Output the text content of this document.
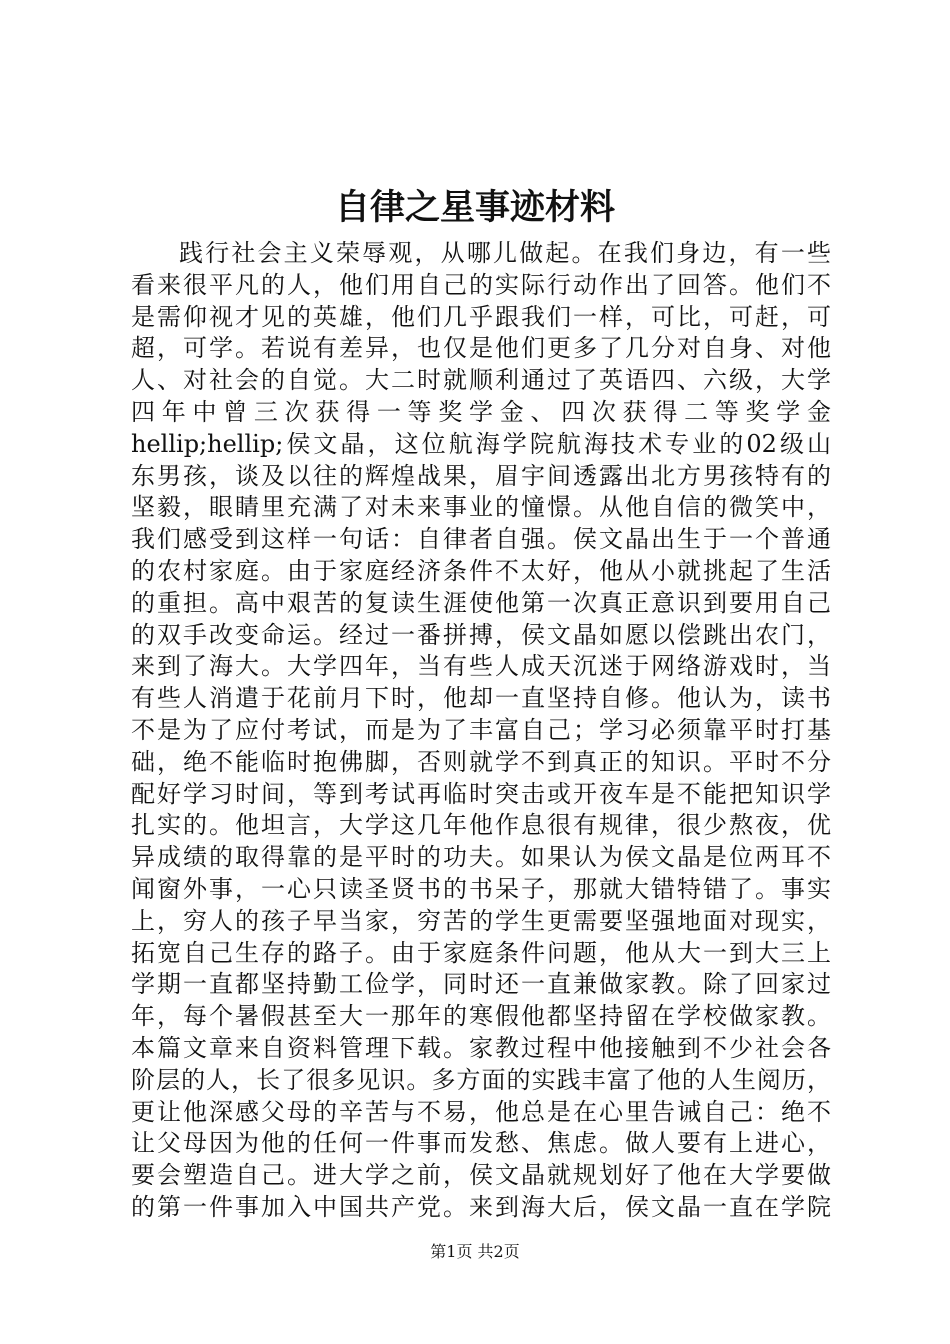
自律之星事迹材料
践行社会主义荣辱观，从哪儿做起。在我们身边，有一些
看来很平凡的人，他们用自己的实际行动作出了回答。他们不
是需仰视才见的英雄，他们几乎跟我们一样，可比，可赶，可
超，可学。若说有差异，也仅是他们更多了几分对自身、对他
人、对社会的自觉。大二时就顺利通过了英语四、六级，大学
四年中曾三次获得一等奖学金、四次获得二等奖学金
hellip;hellip;侯文晶，这位航海学院航海技术专业的02级山
东男孩，谈及以往的辉煌战果，眉宇间透露出北方男孩特有的
坚毅，眼睛里充满了对未来事业的憧憬。从他自信的微笑中，
我们感受到这样一句话：自律者自强。侯文晶出生于一个普通
的农村家庭。由于家庭经济条件不太好，他从小就挑起了生活
的重担。高中艰苦的复读生涯使他第一次真正意识到要用自己
的双手改变命运。经过一番拼搏，侯文晶如愿以偿跳出农门，
来到了海大。大学四年，当有些人成天沉迷于网络游戏时，当
有些人消遣于花前月下时，他却一直坚持自修。他认为，读书
不是为了应付考试，而是为了丰富自己；学习必须靠平时打基
础，绝不能临时抱佛脚，否则就学不到真正的知识。平时不分
配好学习时间，等到考试再临时突击或开夜车是不能把知识学
扎实的。他坦言，大学这几年他作息很有规律，很少熬夜，优
异成绩的取得靠的是平时的功夫。如果认为侯文晶是位两耳不
闻窗外事，一心只读圣贤书的书呆子，那就大错特错了。事实
上，穷人的孩子早当家，穷苦的学生更需要坚强地面对现实，
拓宽自己生存的路子。由于家庭条件问题，他从大一到大三上
学期一直都坚持勤工俭学，同时还一直兼做家教。除了回家过
年，每个暑假甚至大一那年的寒假他都坚持留在学校做家教。
本篇文章来自资料管理下载。家教过程中他接触到不少社会各
阶层的人，长了很多见识。多方面的实践丰富了他的人生阅历，
更让他深感父母的辛苦与不易，他总是在心里告诫自己：绝不
让父母因为他的任何一件事而发愁、焦虑。做人要有上进心，
要会塑造自己。进大学之前，侯文晶就规划好了他在大学要做
的第一件事加入中国共产党。来到海大后，侯文晶一直在学院
第1页 共2页
